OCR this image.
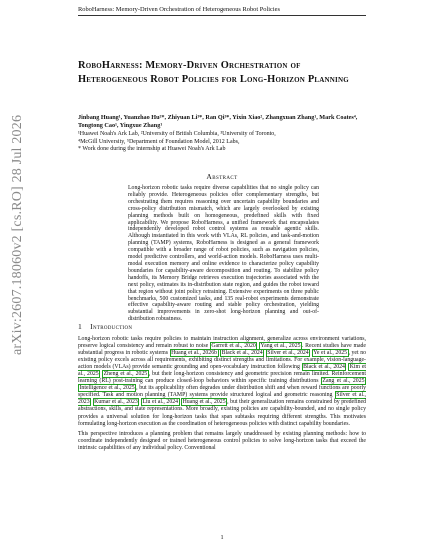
RoboHarness: Memory-Driven Orchestration of Heterogeneous Robot Policies
arXiv:2607.18060v2 [cs.RO] 28 Jul 2026
RoboHarness: Memory-Driven Orchestration of Heterogeneous Robot Policies for Long-Horizon Planning
Jinbang Huang¹, Yuanzhao Hu²*, Zhiyuan Li³*, Ran Qi³*, Yixin Xiao², Zhangxuan Zhang¹, Mark Coates⁴, Tongtong Cao¹, Yingxue Zhang¹
¹Huawei Noah's Ark Lab, ²University of British Columbia, ³University of Toronto,
⁴McGill University, ⁵Department of Foundation Model, 2012 Labs,
* Work done during the internship at Huawei Noah's Ark Lab
Abstract
Long-horizon robotic tasks require diverse capabilities that no single policy can reliably provide. Heterogeneous policies offer complementary strengths, but orchestrating them requires reasoning over uncertain capability boundaries and cross-policy distribution mismatch, which are largely overlooked by existing planning methods built on homogeneous, predefined skills with fixed applicability. We propose RoboHarness, a unified framework that encapsulates independently developed robot control systems as reusable agentic skills. Although instantiated in this work with VLAs, RL policies, and task-and-motion planning (TAMP) systems, RoboHarness is designed as a general framework compatible with a broader range of robot policies, such as navigation policies, model predictive controllers, and world-action models. RoboHarness uses multi-modal execution memory and online evidence to characterize policy capability boundaries for capability-aware decomposition and routing. To stabilize policy handoffs, its Memory Bridge retrieves execution trajectories associated with the next policy, estimates its in-distribution state region, and guides the robot toward that region without joint policy retraining. Extensive experiments on three public benchmarks, 500 customized tasks, and 135 real-robot experiments demonstrate effective capability-aware routing and stable policy orchestration, yielding substantial improvements in zero-shot long-horizon planning and out-of-distribution robustness.
1 Introduction

Long-horizon robotic tasks require policies to maintain instruction alignment, generalize across environment variations, preserve logical consistency and remain robust to noise Garrett et al., 2020 Yang et al., 2025 . Recent studies have made substantial progress in robotic systems Huang et al., 2026b Black et al., 2024 Silver et al., 2024 Ye et al., 2025 , yet no existing policy excels across all requirements, exhibiting distinct strengths and limitations. For example, vision-language-action models (VLAs) provide semantic grounding and open-vocabulary instruction following Black et al., 2024 Kim et al., 2025 Zheng et al., 2025 , but their long-horizon consistency and geometric precision remain limited. Reinforcement learning (RL) post-training can produce closed-loop behaviors within specific training distributions Zang et al., 2025 Intelligence et al., 2025 , but its applicability often degrades under distribution shift and when reward functions are poorly specified. Task and motion planning (TAMP) systems provide structured logical and geometric reasoning Silver et al., 2023 Kumar et al., 2023 Liu et al., 2024 Huang et al., 2025 , but their generalization remains constrained by predefined abstractions, skills, and state representations. More broadly, existing policies are capability-bounded, and no single policy provides a universal solution for long-horizon tasks that span subtasks requiring different strengths. This motivates formulating long-horizon execution as the coordination of heterogeneous policies with distinct capability boundaries.

This perspective introduces a planning problem that remains largely unaddressed by existing planning methods: how to coordinate independently designed or trained heterogeneous control policies to solve long-horizon tasks that exceed the intrinsic capabilities of any individual policy. Conventional

1
